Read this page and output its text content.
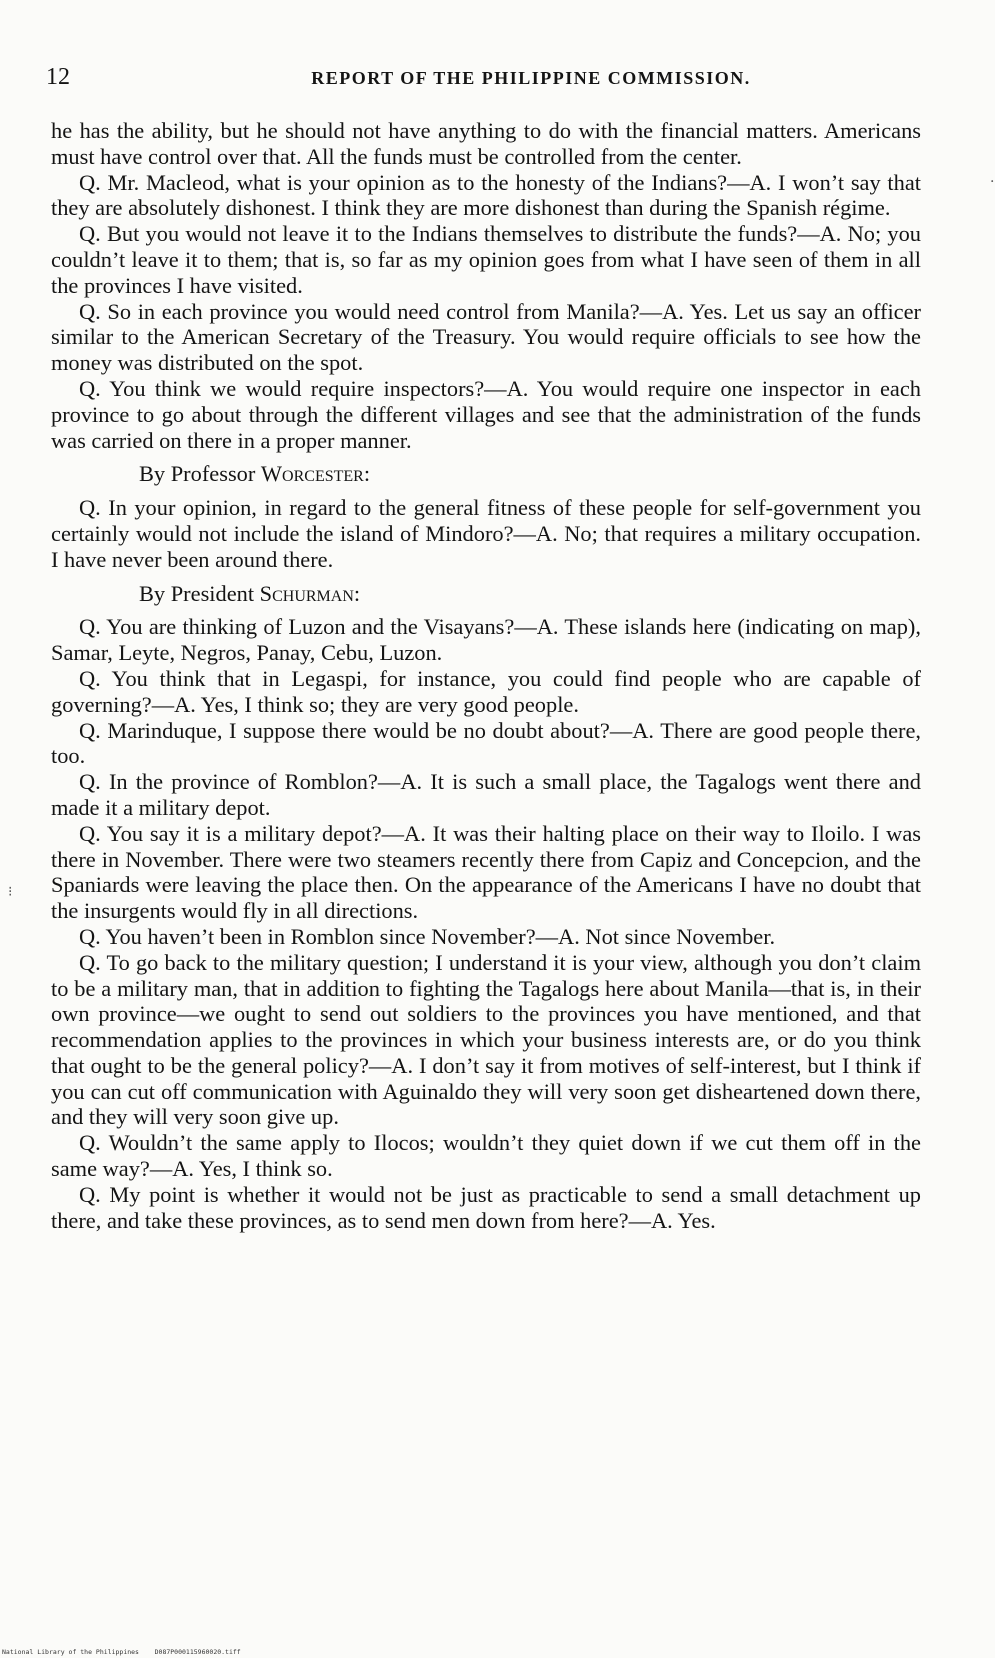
12	REPORT OF THE PHILIPPINE COMMISSION.

he has the ability, but he should not have anything to do with the financial matters. Americans must have control over that. All the funds must be controlled from the center.

Q. Mr. Macleod, what is your opinion as to the honesty of the Indians?—A. I won’t say that they are absolutely dishonest. I think they are more dishonest than during the Spanish régime.

Q. But you would not leave it to the Indians themselves to distribute the funds?—A. No; you couldn’t leave it to them; that is, so far as my opinion goes from what I have seen of them in all the provinces I have visited.

Q. So in each province you would need control from Manila?—A. Yes. Let us say an officer similar to the American Secretary of the Treasury. You would require officials to see how the money was distributed on the spot.

Q. You think we would require inspectors?—A. You would require one inspector in each province to go about through the different villages and see that the administration of the funds was carried on there in a proper manner.

By Professor Worcester:

Q. In your opinion, in regard to the general fitness of these people for self-government you certainly would not include the island of Mindoro?—A. No; that requires a military occupation. I have never been around there.

By President Schurman:

Q. You are thinking of Luzon and the Visayans?—A. These islands here (indicating on map), Samar, Leyte, Negros, Panay, Cebu, Luzon.

Q. You think that in Legaspi, for instance, you could find people who are capable of governing?—A. Yes, I think so; they are very good people.

Q. Marinduque, I suppose there would be no doubt about?—A. There are good people there, too.

Q. In the province of Romblon?—A. It is such a small place, the Tagalogs went there and made it a military depot.

Q. You say it is a military depot?—A. It was their halting place on their way to Iloilo. I was there in November. There were two steamers recently there from Capiz and Concepcion, and the Spaniards were leaving the place then. On the appearance of the Americans I have no doubt that the insurgents would fly in all directions.

Q. You haven’t been in Romblon since November?—A. Not since November.

Q. To go back to the military question; I understand it is your view, although you don’t claim to be a military man, that in addition to fighting the Tagalogs here about Manila—that is, in their own province—we ought to send out soldiers to the provinces you have mentioned, and that recommendation applies to the provinces in which your business interests are, or do you think that ought to be the general policy?—A. I don’t say it from motives of self-interest, but I think if you can cut off communication with Aguinaldo they will very soon get disheartened down there, and they will very soon give up.

Q. Wouldn’t the same apply to Ilocos; wouldn’t they quiet down if we cut them off in the same way?—A. Yes, I think so.

Q. My point is whether it would not be just as practicable to send a small detachment up there, and take these provinces, as to send men down from here?—A. Yes.

·
⁝
National Library of the Philippines    D087P000115960020.tiff
